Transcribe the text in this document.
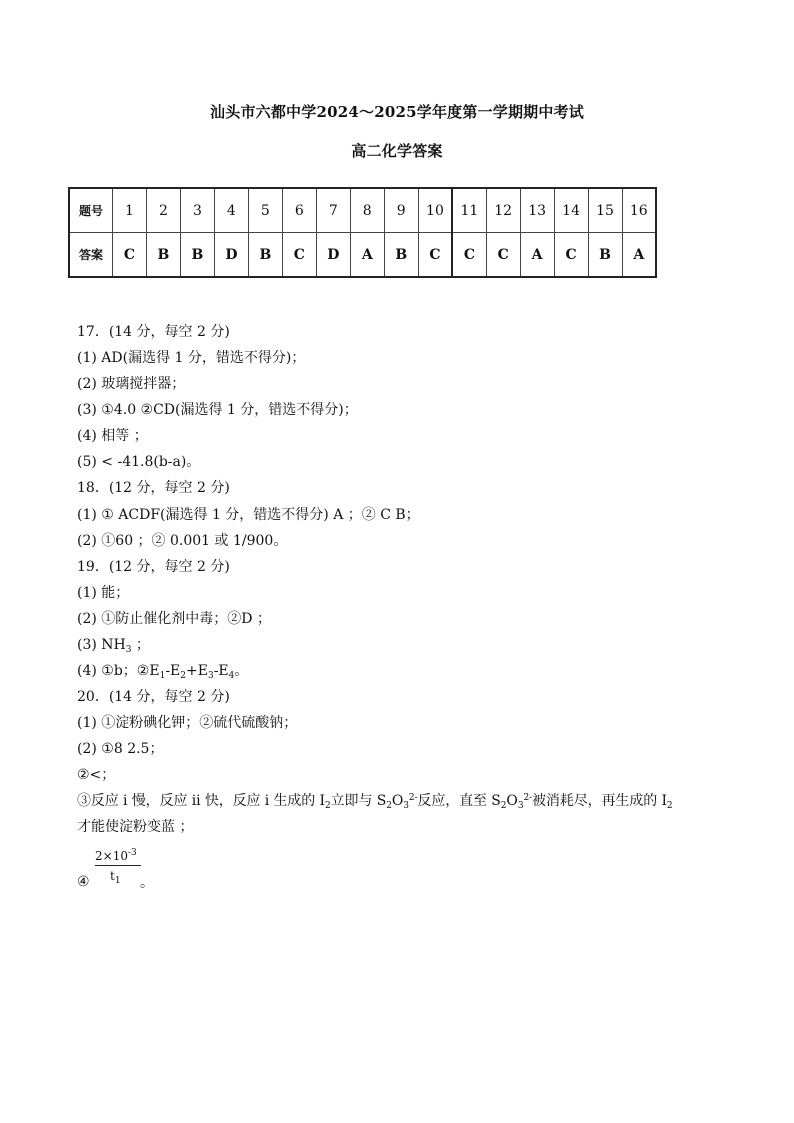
汕头市六都中学2024～2025学年度第一学期期中考试
高二化学答案
题号	1	2	3	4	5	6	7	8	9	10	11	12	13	14	15	16
答案	C	B	B	D	B	C	D	A	B	C	C	C	A	C	B	A
17．(14 分，每空 2 分)
(1) AD(漏选得 1 分，错选不得分)；
(2) 玻璃搅拌器；
(3) ①4.0 ②CD(漏选得 1 分，错选不得分)；
(4) 相等 ；
(5) < -41.8(b-a)。
18．(12 分，每空 2 分)
(1) ① ACDF(漏选得 1 分，错选不得分) A ；② C B；
(2) ①60 ；② 0.001 或 1/900。
19．(12 分，每空 2 分)
(1) 能；
(2) ①防止催化剂中毒；②D ；
(3) $NH_3$ ；
(4) ①b；$②E_1-E_2+E_3-E_4$。
20．(14 分，每空 2 分)
(1) ①淀粉碘化钾；②硫代硫酸钠；
(2) ①8 2.5；
②<；
③反应 i 慢，反应 ii 快，反应 i 生成的 $I_2$立即与 $S_2O_3^{2-}$反应，直至 $S_2O_3^{2-}$被消耗尽，再生成的 $I_2$
才能使淀粉变蓝 ；
$\frac{2\times 10^{-3}}{t_1}$
④	。
